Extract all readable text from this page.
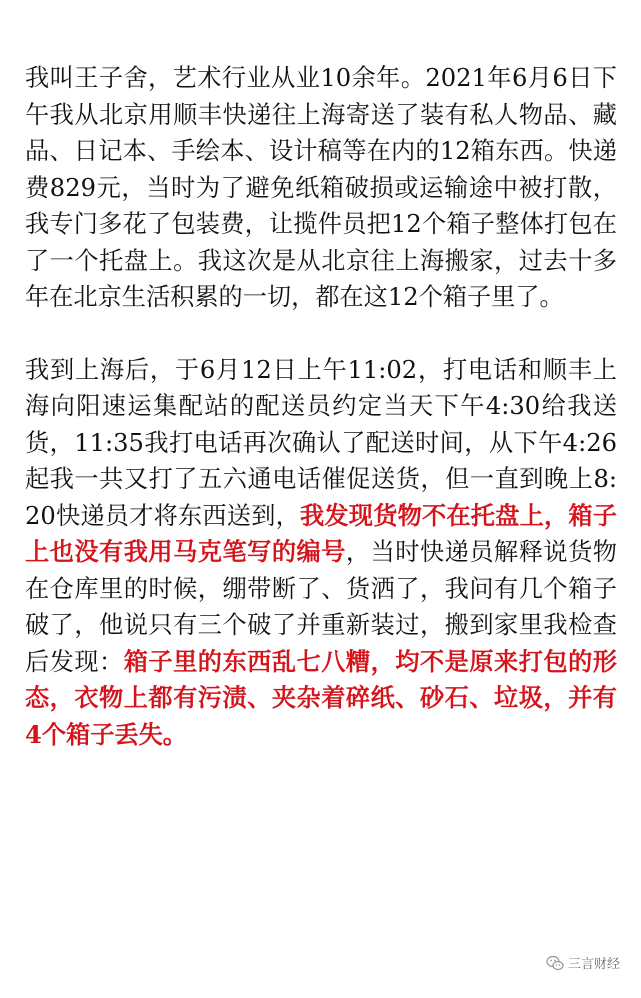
我叫王子舍，艺术行业从业10余年。2021年6月6日下午我从北京用顺丰快递往上海寄送了装有私人物品、藏品、日记本、手绘本、设计稿等在内的12箱东西。快递费829元，当时为了避免纸箱破损或运输途中被打散，我专门多花了包装费，让揽件员把12个箱子整体打包在了一个托盘上。我这次是从北京往上海搬家，过去十多年在北京生活积累的一切，都在这12个箱子里了。

我到上海后，于6月12日上午11:02，打电话和顺丰上海向阳速运集配站的配送员约定当天下午4:30给我送货，11:35我打电话再次确认了配送时间，从下午4:26起我一共又打了五六通电话催促送货，但一直到晚上8:20快递员才将东西送到，我发现货物不在托盘上，箱子上也没有我用马克笔写的编号，当时快递员解释说货物在仓库里的时候，绷带断了、货洒了，我问有几个箱子破了，他说只有三个破了并重新装过，搬到家里我检查后发现：箱子里的东西乱七八糟，均不是原来打包的形态，衣物上都有污渍、夹杂着碎纸、砂石、垃圾，并有4个箱子丢失。

三言财经
